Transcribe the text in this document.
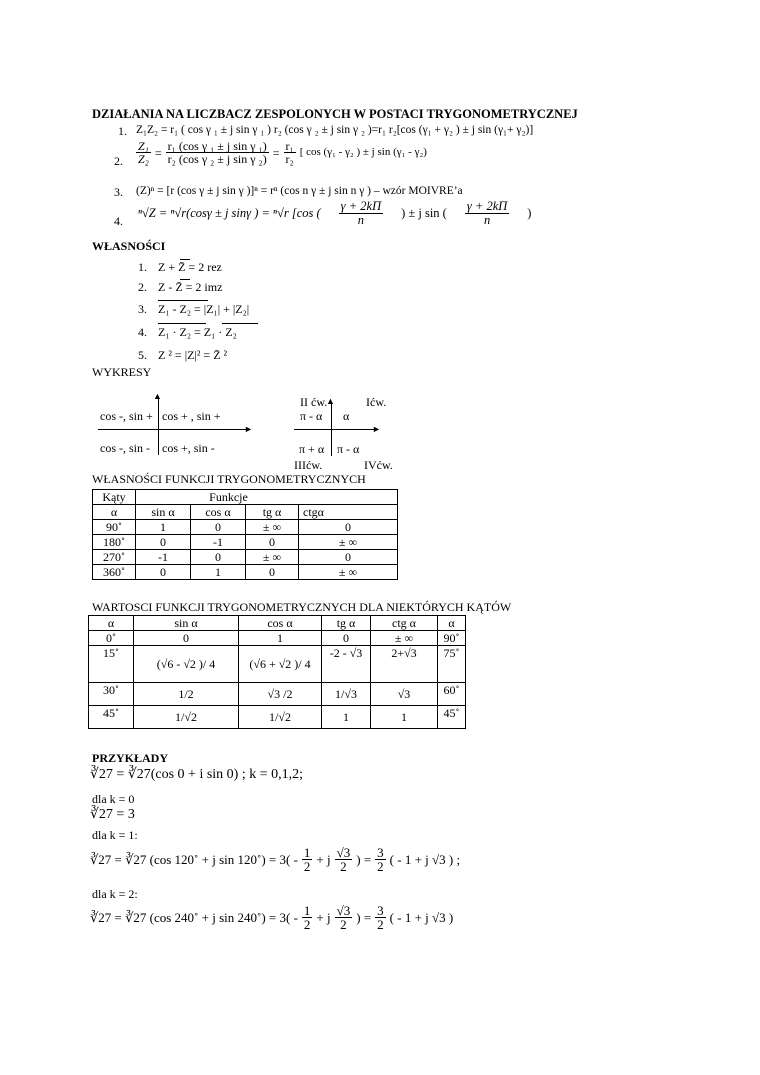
DZIAŁANIA NA LICZBACZ ZESPOLONYCH W POSTACI TRYGONOMETRYCZNEJ
1. Z₁Z₂ = r₁ ( cos γ ₁ ± j sin γ ₁ ) r₂ (cos γ ₂ ± j sin γ ₂ )=r₁ r₂[cos (γ₁ + γ₂ ) ± j sin (γ₁+ γ₂)]
2. $\frac{\text{Z₁}}{\text{Z₂}} = \frac{\text{r₁ (cos γ ₁ ± j sin γ ₁)}}{\text{r₂ (cos γ ₂ ± j sin γ ₂)}} = \frac{\text{r₁}}{\text{r₂}}$ [ cos (γ₁ - γ₂ ) ± j sin (γ₁ - γ₂)
3. (Z)ⁿ = [r (cos γ ± j sin γ )]ⁿ = rⁿ (cos n γ ± j sin n γ ) – wzór MOIVRE’a
4.
ⁿ√Z = ⁿ√r(cosγ ± j sinγ ) = ⁿ√r [cos ( $\frac{\gamma + 2k\Pi}{n}$ ) ± j sin ( $\frac{\gamma + 2k\Pi}{n}$ )
WŁASNOŚCI
1. Z + Z̄ = 2 rez
2. Z - Z̄ = 2 imz
3. Z₁ - Z₂ = |Z₁| + |Z₂|
4. Z₁ · Z₂ = Z₁ · Z₂
5. Z ² = |Z|² = Z̄ ²
WYKRESY
▲
►
cos -, sin + cos + , sin +
cos -, sin - cos +, sin -
▲
►
II ćw.	Ićw.
π - α α
π + α π - α
IIIćw.	IVćw.
WŁASNOŚCI FUNKCJI TRYGONOMETRYCZNYCH
Kąty	Funkcje			
α	sin α	cos α	tg α	ctgα
90˚	1	0	± ∞	0
180˚	0	-1	0	± ∞
270˚	-1	0	± ∞	0
360˚	0	1	0	± ∞
WARTOSCI FUNKCJI TRYGONOMETRYCZNYCH DLA NIEKTÓRYCH KĄTÓW
α	sin α	cos α	tg α	ctg α	α
0˚	0	1	0	± ∞	90˚
15˚	(√6 - √2 )/ 4	(√6 + √2 )/ 4	-2 - √3	2+√3	75˚
30˚	1/2	√3 /2	1/√3	√3	60˚
45˚	1/√2	1/√2	1	1	45˚
PRZYKŁADY
∛27 = ∛27(cos 0 + i sin 0) ; k = 0,1,2;
dla k = 0
∛27 = 3
dla k = 1:
∛27 = ∛27 (cos 120˚ + j sin 120˚) = $3( - \frac{1}{2} + j \frac{√3}{2}$ ) = $\frac{3}{2}$ ( - 1 + j √3 ) ;
dla k = 2:
∛27 = ∛27 (cos 240˚ + j sin 240˚) = $3( - \frac{1}{2} + j \frac{√3}{2}$ ) = $\frac{3}{2}$ ( - 1 + j √3 )
